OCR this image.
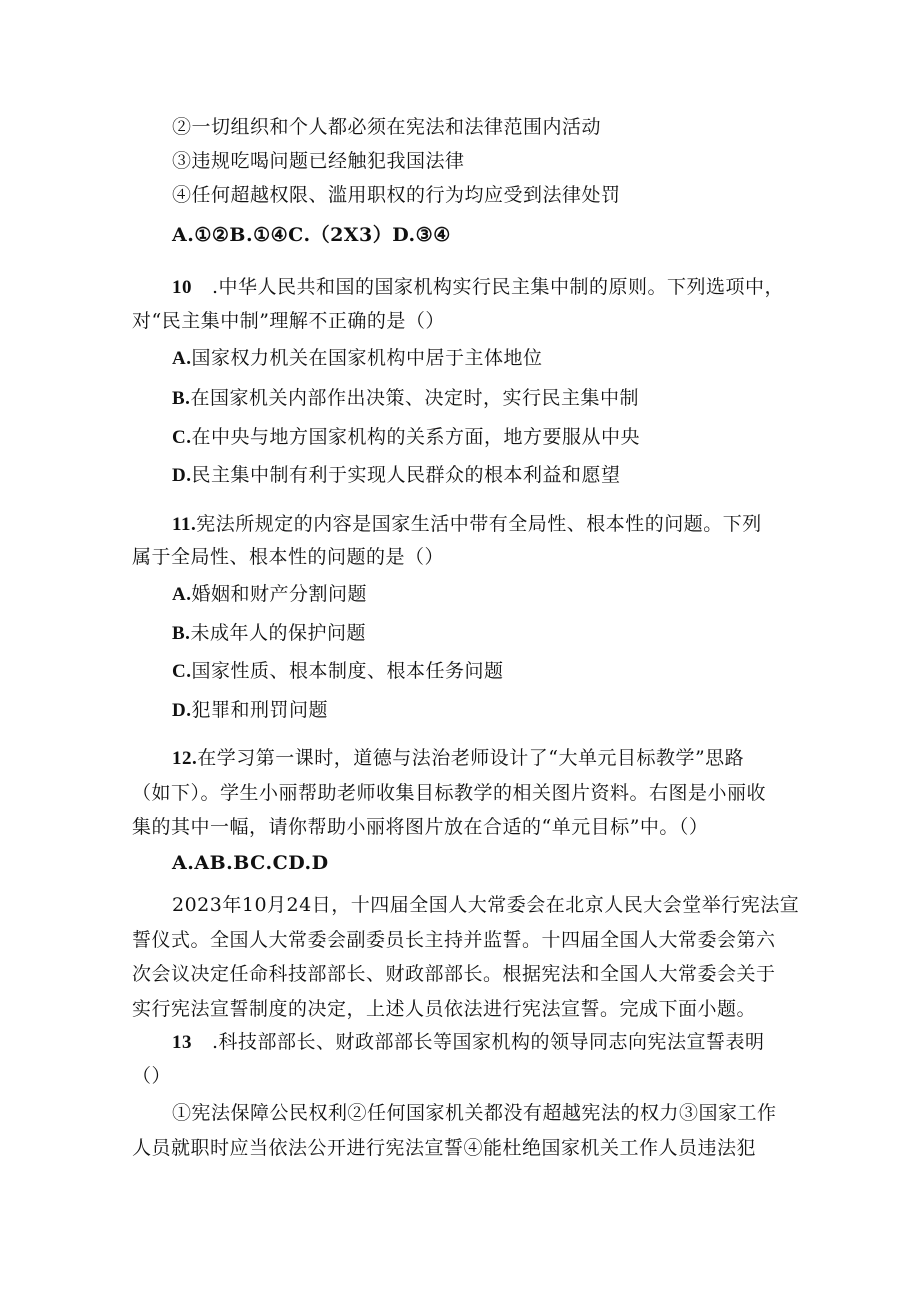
②一切组织和个人都必须在宪法和法律范围内活动
③违规吃喝问题已经触犯我国法律
④任何超越权限、滥用职权的行为均应受到法律处罚
A.①②B.①④C.（2X3）D.③④
10 .中华人民共和国的国家机构实行民主集中制的原则。下列选项中，
对“民主集中制”理解不正确的是（）
A.国家权力机关在国家机构中居于主体地位
B.在国家机关内部作出决策、决定时，实行民主集中制
C.在中央与地方国家机构的关系方面，地方要服从中央
D.民主集中制有利于实现人民群众的根本利益和愿望
11.宪法所规定的内容是国家生活中带有全局性、根本性的问题。下列
属于全局性、根本性的问题的是（）
A.婚姻和财产分割问题
B.未成年人的保护问题
C.国家性质、根本制度、根本任务问题
D.犯罪和刑罚问题
12.在学习第一课时，道德与法治老师设计了“大单元目标教学”思路
（如下）。学生小丽帮助老师收集目标教学的相关图片资料。右图是小丽收
集的其中一幅，请你帮助小丽将图片放在合适的“单元目标”中。（）
A.AB.BC.CD.D
2023年10月24日，十四届全国人大常委会在北京人民大会堂举行宪法宣
誓仪式。全国人大常委会副委员长主持并监誓。十四届全国人大常委会第六
次会议决定任命科技部部长、财政部部长。根据宪法和全国人大常委会关于
实行宪法宣誓制度的决定，上述人员依法进行宪法宣誓。完成下面小题。
13 .科技部部长、财政部部长等国家机构的领导同志向宪法宣誓表明
（）
①宪法保障公民权利②任何国家机关都没有超越宪法的权力③国家工作
人员就职时应当依法公开进行宪法宣誓④能杜绝国家机关工作人员违法犯
